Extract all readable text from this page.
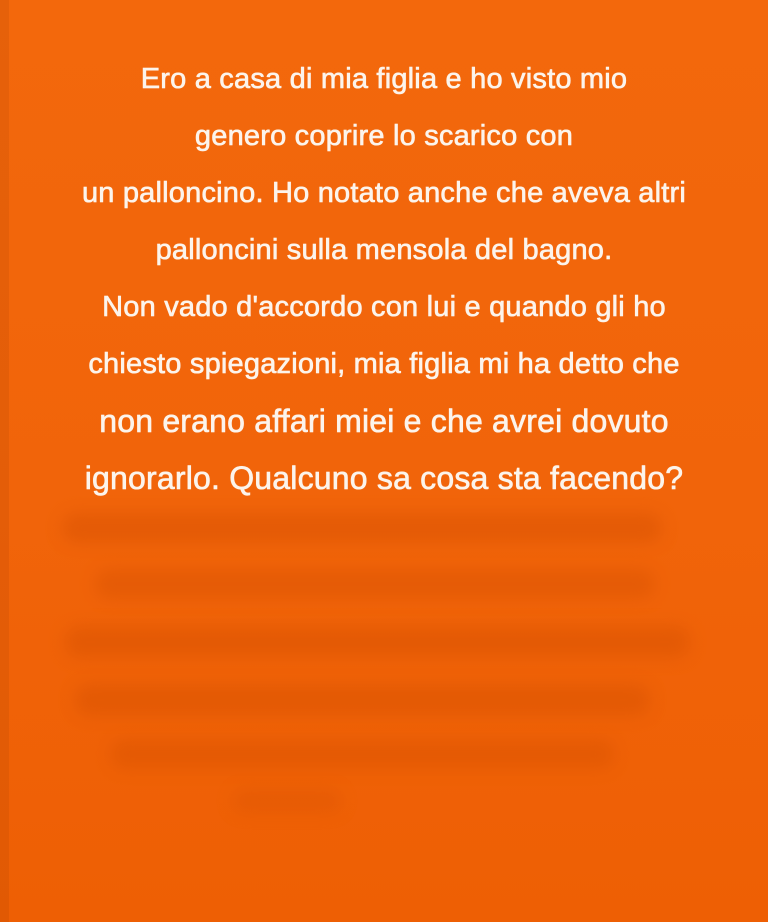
Ero a casa di mia figlia e ho visto mio
genero coprire lo scarico con
un palloncino. Ho notato anche che aveva altri
palloncini sulla mensola del bagno.
Non vado d'accordo con lui e quando gli ho
chiesto spiegazioni, mia figlia mi ha detto che
non erano affari miei e che avrei dovuto
ignorarlo. Qualcuno sa cosa sta facendo?
